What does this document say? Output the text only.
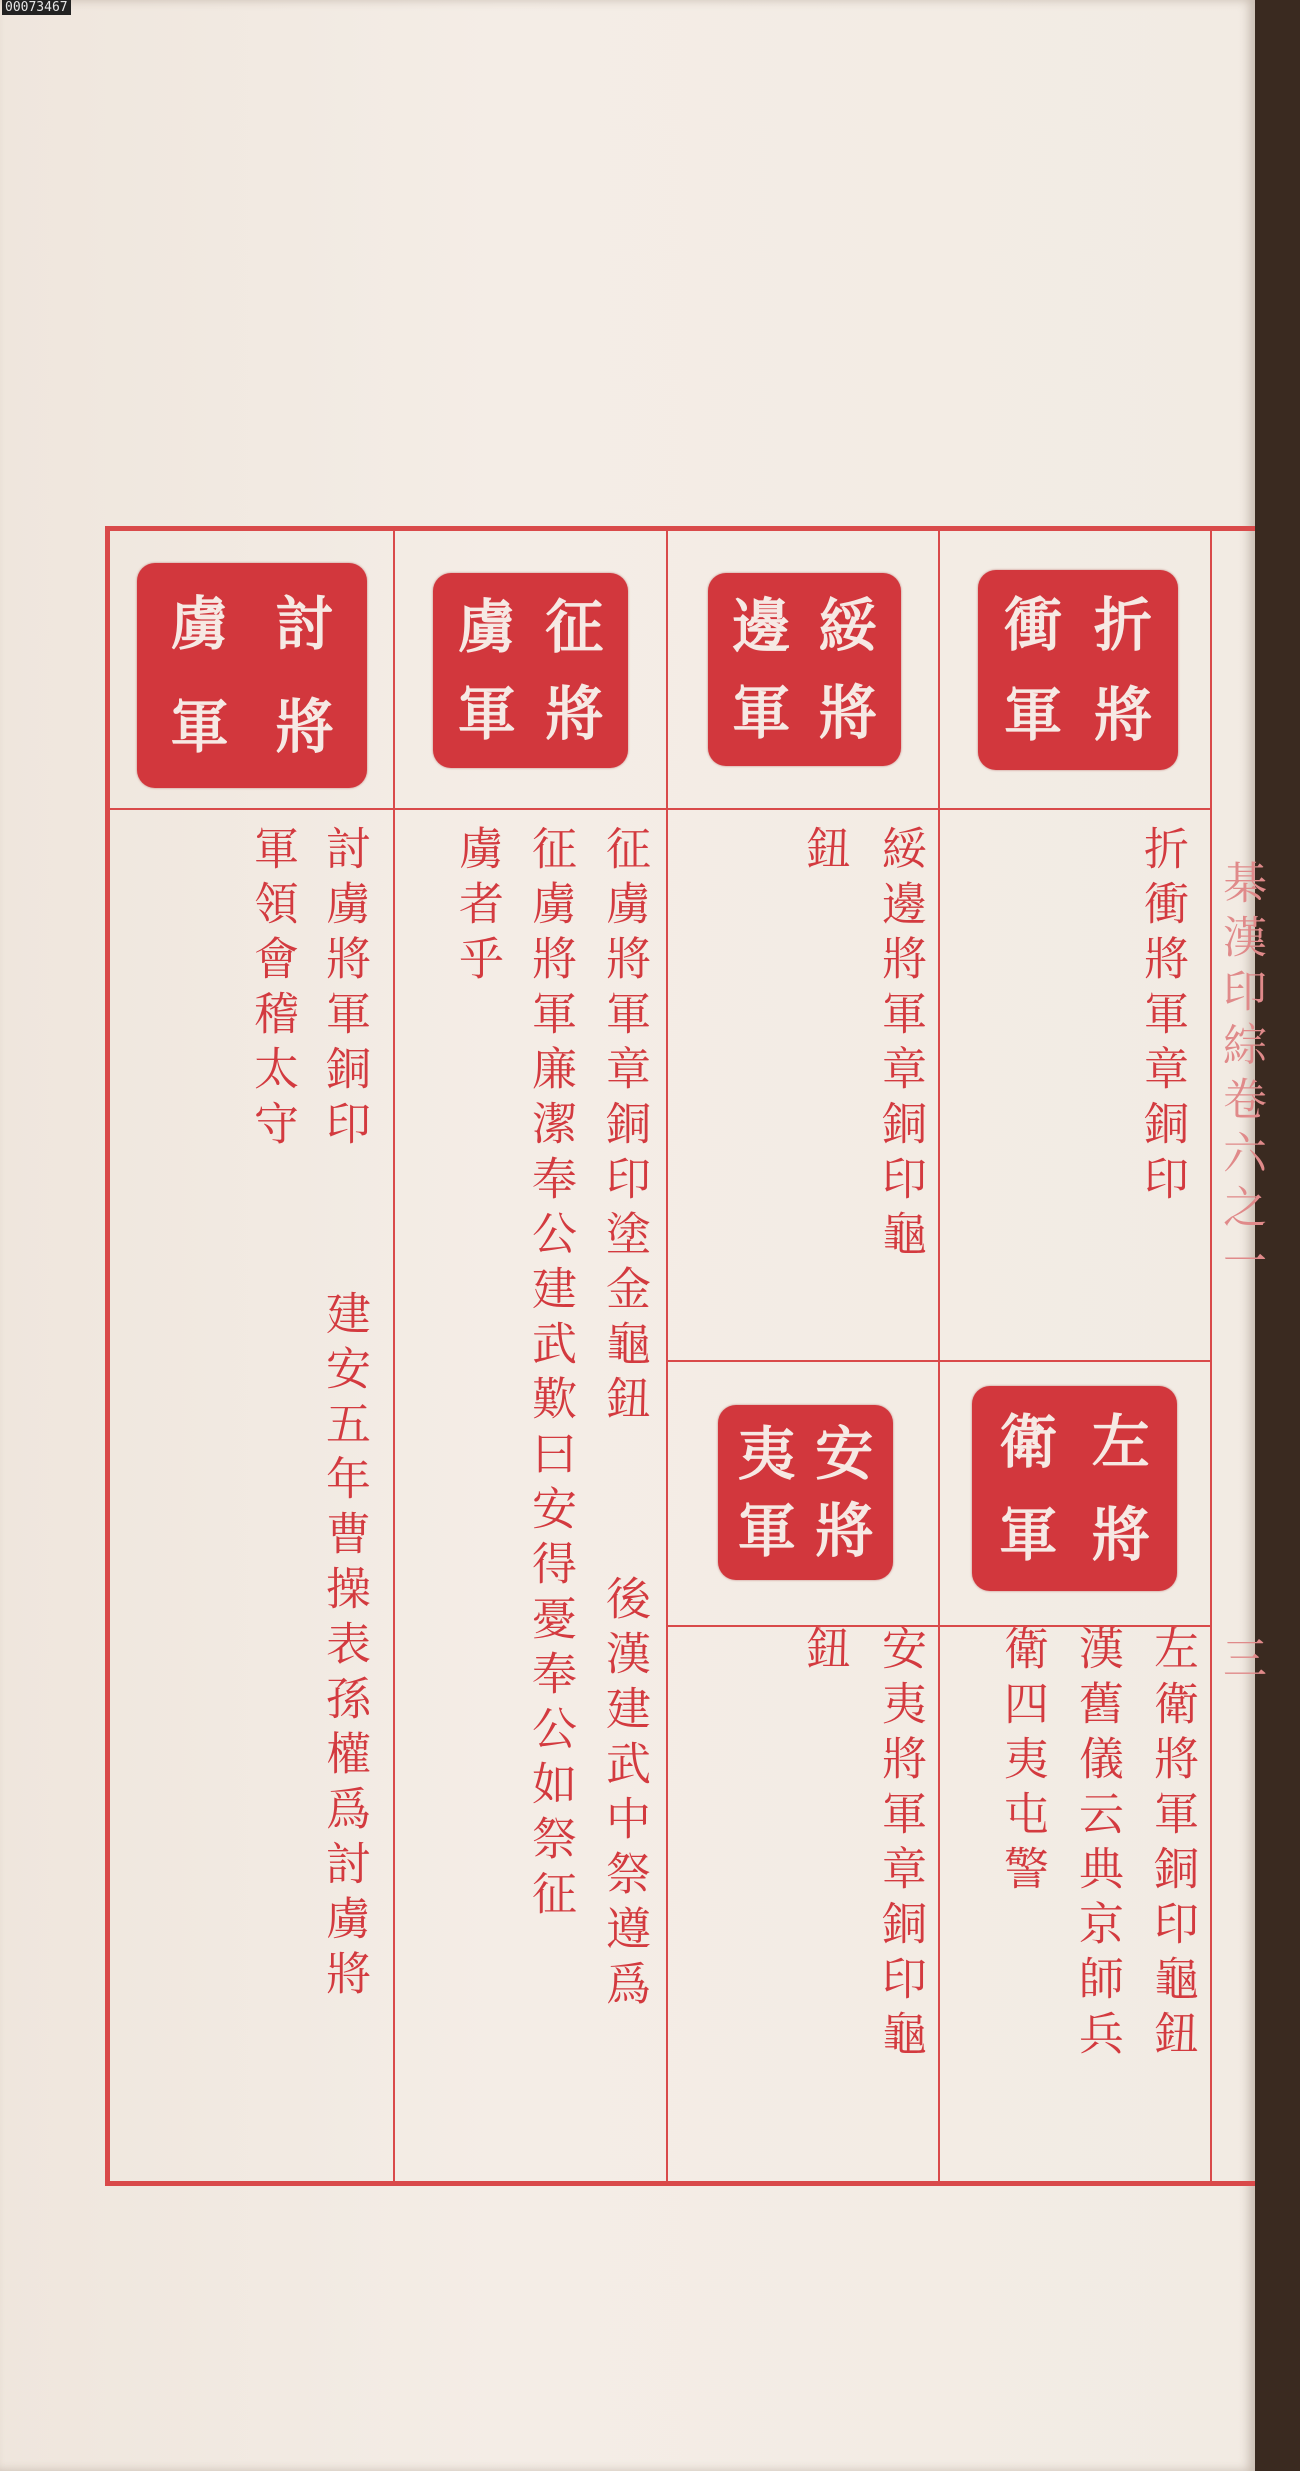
00073467
棊漢印綜卷六之一
三
衝 折
軍 將
邊 綏
軍 將
虜 征
軍 將
虜 討
軍 將
衛 左
軍 將
夷 安
軍 將
折衝將軍章銅印
綏邊將軍章銅印龜
鈕
征虜將軍章銅印塗金龜鈕
後漢建武中祭遵爲
征虜將軍廉潔奉公建武歎曰安得憂奉公如祭征
虜者乎
討虜將軍銅印
建安五年曹操表孫權爲討虜將
軍領會稽太守
左衛將軍銅印龜鈕
漢舊儀云典京師兵
衛四夷屯警
安夷將軍章銅印龜
鈕
